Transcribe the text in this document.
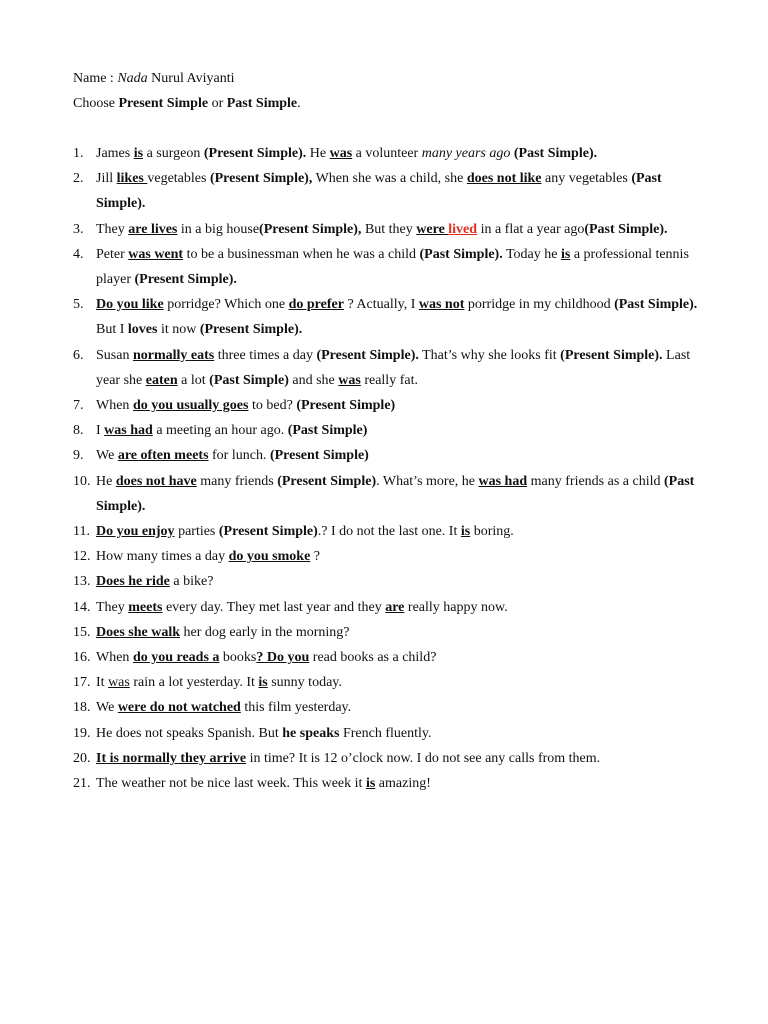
Name : Nada Nurul Aviyanti
Choose Present Simple or Past Simple.
1. James is a surgeon (Present Simple). He was a volunteer many years ago (Past Simple).
2. Jill likes vegetables (Present Simple), When she was a child, she does not like any vegetables (Past Simple).
3. They are lives in a big house(Present Simple), But they were lived in a flat a year ago(Past Simple).
4. Peter was went to be a businessman when he was a child (Past Simple). Today he is a professional tennis player (Present Simple).
5. Do you like porridge? Which one do prefer ? Actually, I was not porridge in my childhood (Past Simple). But I loves it now (Present Simple).
6. Susan normally eats three times a day (Present Simple). That’s why she looks fit (Present Simple). Last year she eaten a lot (Past Simple) and she was really fat.
7. When do you usually goes to bed? (Present Simple)
8. I was had a meeting an hour ago. (Past Simple)
9. We are often meets for lunch. (Present Simple)
10. He does not have many friends (Present Simple). What’s more, he was had many friends as a child (Past Simple).
11. Do you enjoy parties (Present Simple).? I do not the last one. It is boring.
12. How many times a day do you smoke ?
13. Does he ride a bike?
14. They meets every day. They met last year and they are really happy now.
15. Does she walk her dog early in the morning?
16. When do you reads a books? Do you read books as a child?
17. It was rain a lot yesterday. It is sunny today.
18. We were do not watched this film yesterday.
19. He does not speaks Spanish. But he speaks French fluently.
20. It is normally they arrive in time? It is 12 o’clock now. I do not see any calls from them.
21. The weather not be nice last week. This week it is amazing!
